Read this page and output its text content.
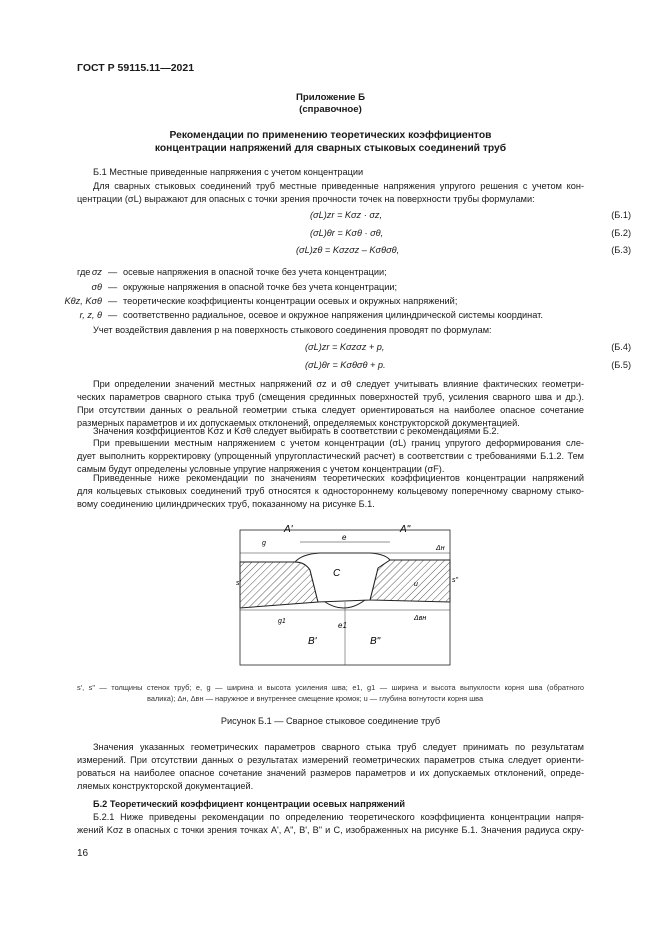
ГОСТ Р 59115.11—2021
Приложение Б
(справочное)
Рекомендации по применению теоретических коэффициентов
концентрации напряжений для сварных стыковых соединений труб
Б.1 Местные приведенные напряжения с учетом концентрации
Для сварных стыковых соединений труб местные приведенные напряжения упругого решения с учетом кон-
центрации (σL) выражают для опасных с точки зрения прочности точек на поверхности трубы формулами:
(σL)zr = Kσz · σz,	(Б.1)
(σL)θr = Kσθ · σθ,	(Б.2)
(σL)zθ = Kσzσz – Kσθσθ,	(Б.3)
где σz — осевые напряжения в опасной точке без учета концентрации;
σθ — окружные напряжения в опасной точке без учета концентрации;
Kθz, Kσθ — теоретические коэффициенты концентрации осевых и окружных напряжений;
r, z, θ — соответственно радиальное, осевое и окружное напряжения цилиндрической системы координат.
Учет воздействия давления p на поверхность стыкового соединения проводят по формулам:
(σL)zr = Kσzσz + p,	(Б.4)
(σL)θr = Kσθσθ + p.	(Б.5)
При определении значений местных напряжений σz и σθ следует учитывать влияние фактических геометри-
ческих параметров сварного стыка труб (смещения срединных поверхностей труб, усиления сварного шва и др.).
При отсутствии данных о реальной геометрии стыка следует ориентироваться на наиболее опасное сочетание
размерных параметров и их допускаемых отклонений, определяемых конструкторской документацией.
Значения коэффициентов Kσz и Kσθ следует выбирать в соответствии с рекомендациями Б.2.
При превышении местным напряжением с учетом концентрации (σL) границ упругого деформирования сле-
дует выполнить корректировку (упрощенный упругопластический расчет) в соответствии с требованиями Б.1.2. Тем
самым будут определены условные упругие напряжения с учетом концентрации (σF).
Приведенные ниже рекомендации по значениям теоретических коэффициентов концентрации напряжений
для кольцевых стыковых соединений труб относятся к одностороннему кольцевому поперечному сварному стыко-
вому соединению цилиндрических труб, показанному на рисунке Б.1.
e
A'	A"
g
s'	s"
Δн
C
u
Δвн
g1	e1
B'	B"
s', s" — толщины стенок труб; e, g — ширина и высота усиления шва; e1, g1 — ширина и высота выпуклости корня шва (обратного
валика); Δн, Δвн — наружное и внутреннее смещение кромок; u — глубина вогнутости корня шва
Рисунок Б.1 — Сварное стыковое соединение труб
Значения указанных геометрических параметров сварного стыка труб следует принимать по результатам
измерений. При отсутствии данных о результатах измерений геометрических параметров стыка следует ориенти-
роваться на наиболее опасное сочетание значений размеров параметров и их допускаемых отклонений, опреде-
ляемых конструкторской документацией.
Б.2 Теоретический коэффициент концентрации осевых напряжений
Б.2.1 Ниже приведены рекомендации по определению теоретического коэффициента концентрации напря-
жений Kσz в опасных с точки зрения точках A', A", B', B" и C, изображенных на рисунке Б.1. Значения радиуса скру-
16
